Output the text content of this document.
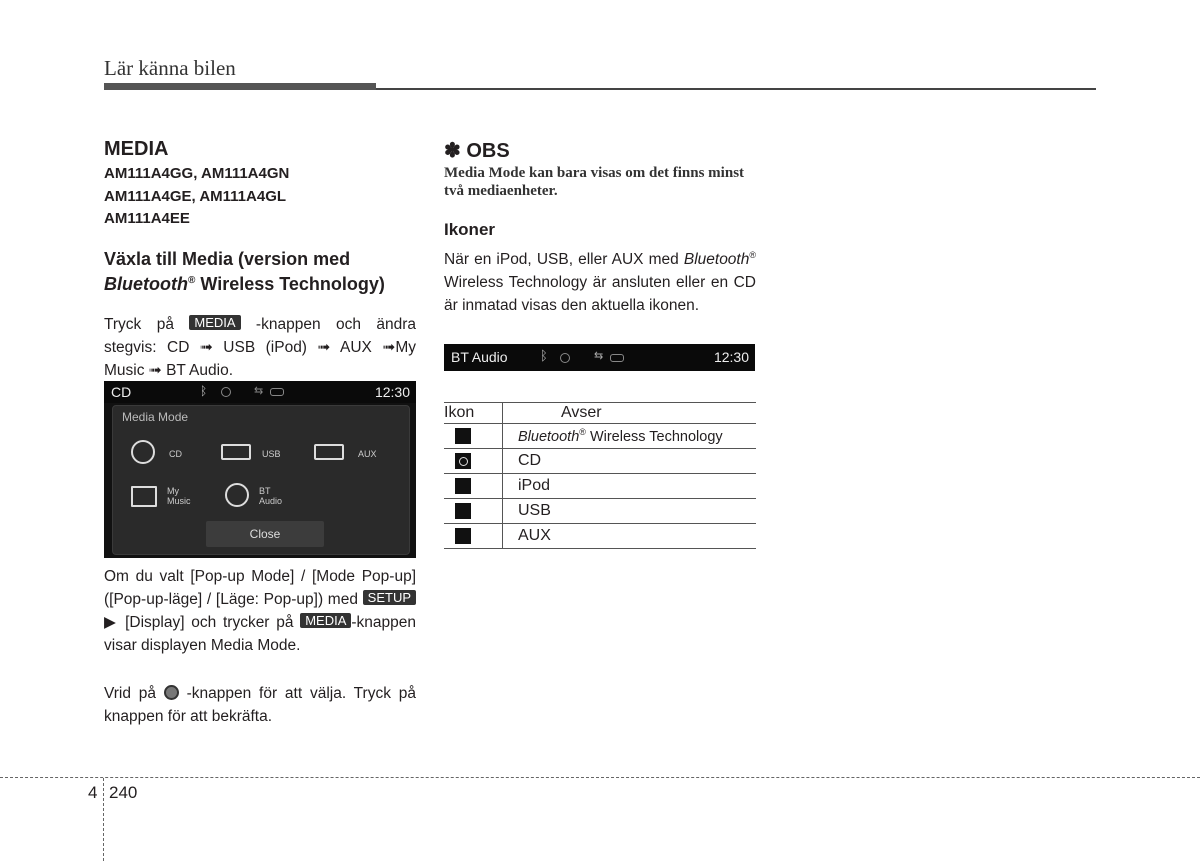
Lär känna bilen
MEDIA
AM111A4GG, AM111A4GN
AM111A4GE, AM111A4GL
AM111A4EE
Växla till Media (version med
Bluetooth® Wireless Technology)
Tryck på MEDIA -knappen och ändra stegvis: CD ➟ USB (iPod) ➟ AUX ➟My Music ➟ BT Audio.
CD	ᛒ	⇆	12:30
Media Mode
CD	USB	AUX
My Music
BT Audio
Close
Om du valt [Pop-up Mode] / [Mode Pop-up] ([Pop-up-läge] / [Läge: Pop-up]) med SETUP▶ [Display] och trycker på MEDIA -knappen visar displayen Media Mode.
Vrid på  -knappen för att välja. Tryck på knappen för att bekräfta.
✽ OBS
Media Mode kan bara visas om det finns minst två mediaenheter.
Ikoner
När en iPod, USB, eller AUX med Bluetooth® Wireless Technology är ansluten eller en CD är inmatad visas den aktuella ikonen.
BT Audio ᛒ	⇆	12:30
Ikon	Avser
	Bluetooth® Wireless Technology

	CD
	iPod
	USB
	AUX
4 240
